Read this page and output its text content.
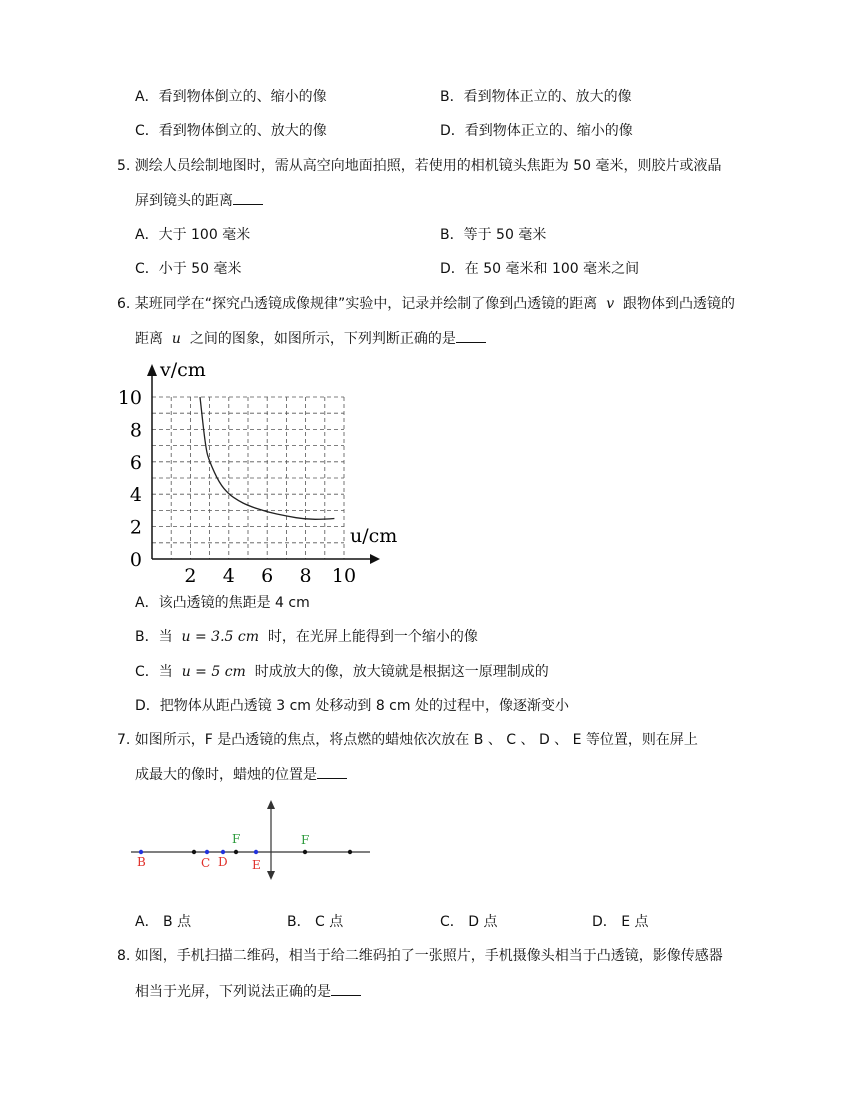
A．看到物体倒立的、缩小的像	B．看到物体正立的、放大的像
C．看到物体倒立的、放大的像	D．看到物体正立的、缩小的像
5. 测绘人员绘制地图时，需从高空向地面拍照，若使用的相机镜头焦距为 50 毫米，则胶片或液晶
屏到镜头的距离
A．大于 100 毫米	B．等于 50 毫米
C．小于 50 毫米	D．在 50 毫米和 100 毫米之间
6. 某班同学在“探究凸透镜成像规律”实验中，记录并绘制了像到凸透镜的距离 v 跟物体到凸透镜的
距离 u 之间的图象，如图所示，下列判断正确的是
2 4 6 8 10
0
2
4
6
8
10
v/cm
u/cm
A．该凸透镜的焦距是 4 cm
B．当 u = 3.5 cm 时，在光屏上能得到一个缩小的像
C．当 u = 5 cm 时成放大的像，放大镜就是根据这一原理制成的
D．把物体从距凸透镜 3 cm 处移动到 8 cm 处的过程中，像逐渐变小
7. 如图所示，F 是凸透镜的焦点，将点燃的蜡烛依次放在 B 、 C 、 D 、 E 等位置，则在屏上
成最大的像时，蜡烛的位置是
B	C D E
F	F
A． B 点	B． C 点	C． D 点	D． E 点
8. 如图，手机扫描二维码，相当于给二维码拍了一张照片，手机摄像头相当于凸透镜，影像传感器
相当于光屏，下列说法正确的是
